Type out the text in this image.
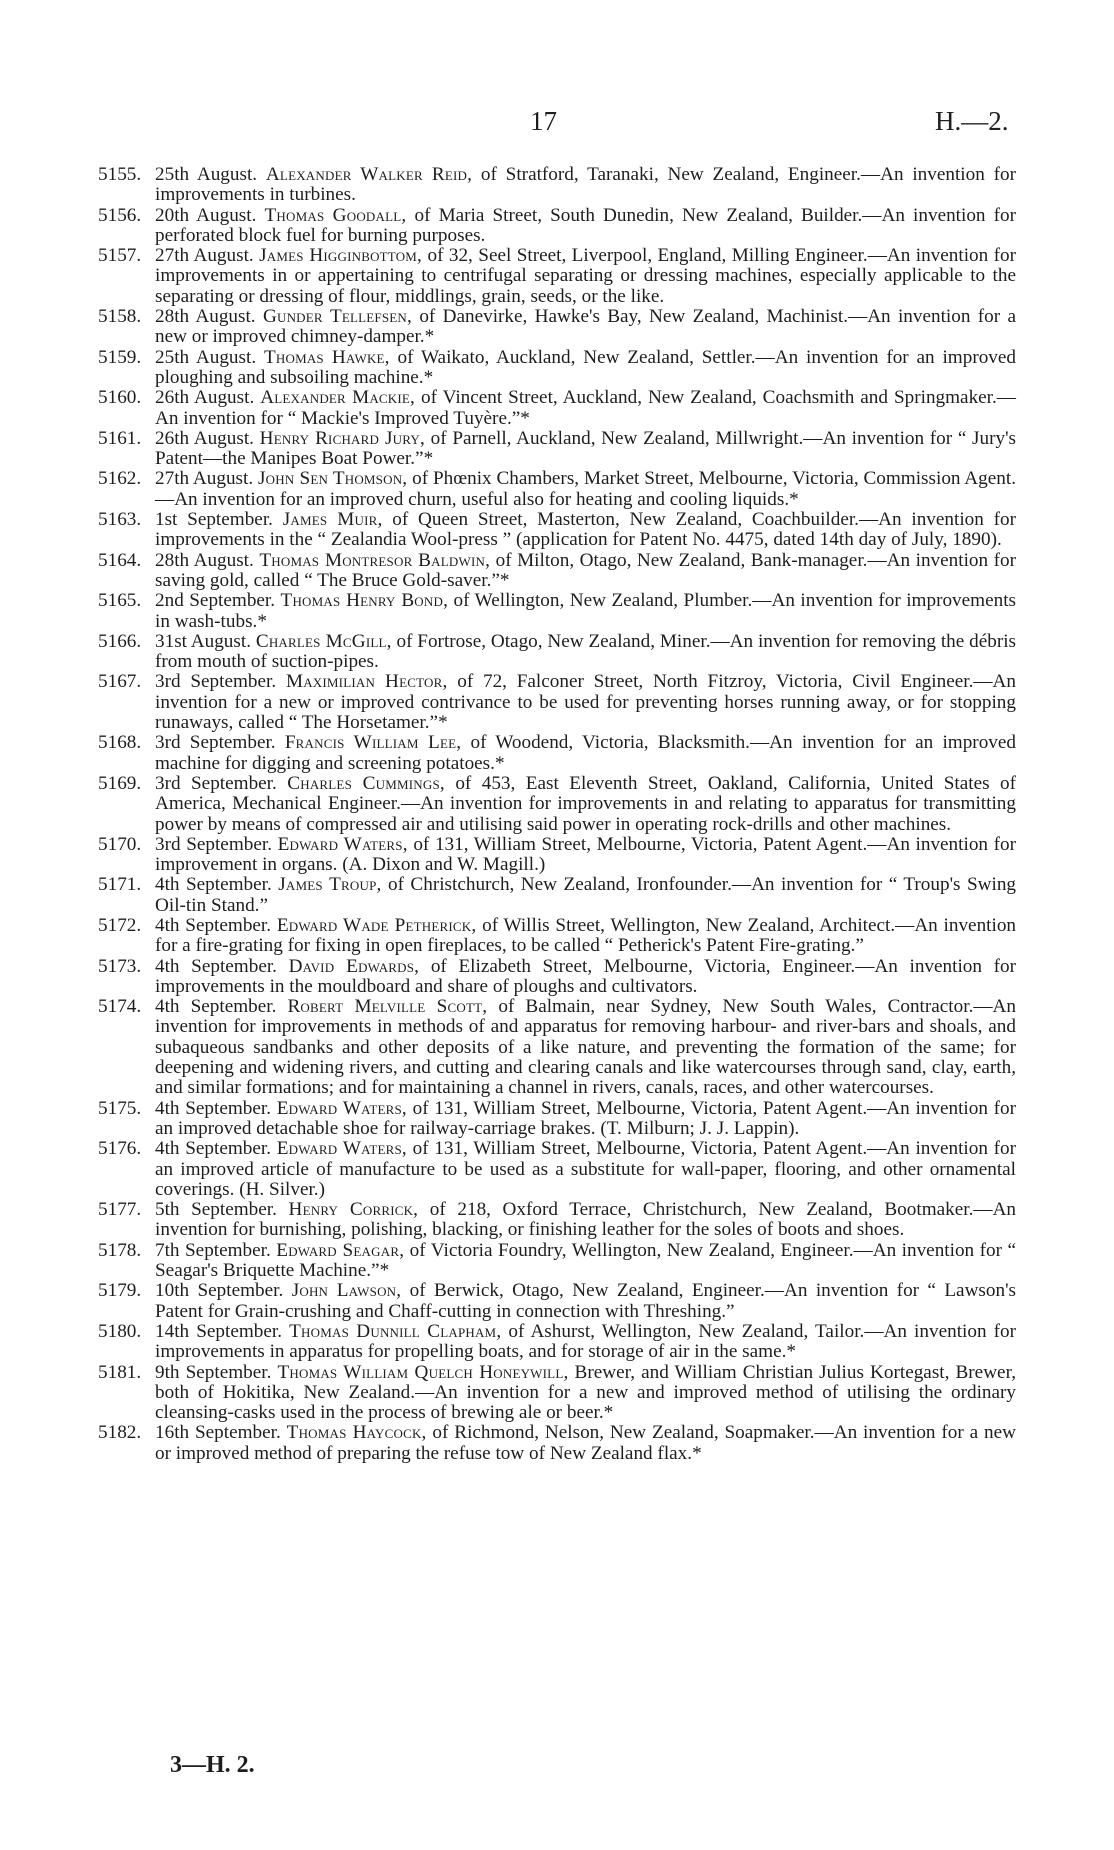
17	H.—2.

5155. 25th August. Alexander Walker Reid, of Stratford, Taranaki, New Zealand, Engineer.—An invention for improvements in turbines.

5156. 20th August. Thomas Goodall, of Maria Street, South Dunedin, New Zealand, Builder.—An invention for perforated block fuel for burning purposes.

5157. 27th August. James Higginbottom, of 32, Seel Street, Liverpool, England, Milling Engineer.—An invention for improvements in or appertaining to centrifugal separating or dressing machines, especially applicable to the separating or dressing of flour, middlings, grain, seeds, or the like.

5158. 28th August. Gunder Tellefsen, of Danevirke, Hawke's Bay, New Zealand, Machinist.—An invention for a new or improved chimney-damper.*

5159. 25th August. Thomas Hawke, of Waikato, Auckland, New Zealand, Settler.—An invention for an improved ploughing and subsoiling machine.*

5160. 26th August. Alexander Mackie, of Vincent Street, Auckland, New Zealand, Coachsmith and Springmaker.—An invention for “ Mackie's Improved Tuyère.”*

5161. 26th August. Henry Richard Jury, of Parnell, Auckland, New Zealand, Millwright.—An invention for “ Jury's Patent—the Manipes Boat Power.”*

5162. 27th August. John Sen Thomson, of Phœnix Chambers, Market Street, Melbourne, Victoria, Commission Agent.—An invention for an improved churn, useful also for heating and cooling liquids.*

5163. 1st September. James Muir, of Queen Street, Masterton, New Zealand, Coachbuilder.—An invention for improvements in the “ Zealandia Wool-press ” (application for Patent No. 4475, dated 14th day of July, 1890).

5164. 28th August. Thomas Montresor Baldwin, of Milton, Otago, New Zealand, Bank-manager.—An invention for saving gold, called “ The Bruce Gold-saver.”*

5165. 2nd September. Thomas Henry Bond, of Wellington, New Zealand, Plumber.—An invention for improvements in wash-tubs.*

5166. 31st August. Charles McGill, of Fortrose, Otago, New Zealand, Miner.—An invention for removing the débris from mouth of suction-pipes.

5167. 3rd September. Maximilian Hector, of 72, Falconer Street, North Fitzroy, Victoria, Civil Engineer.—An invention for a new or improved contrivance to be used for preventing horses running away, or for stopping runaways, called “ The Horsetamer.”*

5168. 3rd September. Francis William Lee, of Woodend, Victoria, Blacksmith.—An invention for an improved machine for digging and screening potatoes.*

5169. 3rd September. Charles Cummings, of 453, East Eleventh Street, Oakland, California, United States of America, Mechanical Engineer.—An invention for improvements in and relating to apparatus for transmitting power by means of compressed air and utilising said power in operating rock-drills and other machines.

5170. 3rd September. Edward Waters, of 131, William Street, Melbourne, Victoria, Patent Agent.—An invention for improvement in organs. (A. Dixon and W. Magill.)

5171. 4th September. James Troup, of Christchurch, New Zealand, Ironfounder.—An invention for “ Troup's Swing Oil-tin Stand.”

5172. 4th September. Edward Wade Petherick, of Willis Street, Wellington, New Zealand, Architect.—An invention for a fire-grating for fixing in open fireplaces, to be called “ Petherick's Patent Fire-grating.”

5173. 4th September. David Edwards, of Elizabeth Street, Melbourne, Victoria, Engineer.—An invention for improvements in the mouldboard and share of ploughs and cultivators.

5174. 4th September. Robert Melville Scott, of Balmain, near Sydney, New South Wales, Contractor.—An invention for improvements in methods of and apparatus for removing harbour- and river-bars and shoals, and subaqueous sandbanks and other deposits of a like nature, and preventing the formation of the same; for deepening and widening rivers, and cutting and clearing canals and like watercourses through sand, clay, earth, and similar formations; and for maintaining a channel in rivers, canals, races, and other watercourses.

5175. 4th September. Edward Waters, of 131, William Street, Melbourne, Victoria, Patent Agent.—An invention for an improved detachable shoe for railway-carriage brakes. (T. Milburn; J. J. Lappin).

5176. 4th September. Edward Waters, of 131, William Street, Melbourne, Victoria, Patent Agent.—An invention for an improved article of manufacture to be used as a substitute for wall-paper, flooring, and other ornamental coverings. (H. Silver.)

5177. 5th September. Henry Corrick, of 218, Oxford Terrace, Christchurch, New Zealand, Bootmaker.—An invention for burnishing, polishing, blacking, or finishing leather for the soles of boots and shoes.

5178. 7th September. Edward Seagar, of Victoria Foundry, Wellington, New Zealand, Engineer.—An invention for “ Seagar's Briquette Machine.”*

5179. 10th September. John Lawson, of Berwick, Otago, New Zealand, Engineer.—An invention for “ Lawson's Patent for Grain-crushing and Chaff-cutting in connection with Threshing.”

5180. 14th September. Thomas Dunnill Clapham, of Ashurst, Wellington, New Zealand, Tailor.—An invention for improvements in apparatus for propelling boats, and for storage of air in the same.*

5181. 9th September. Thomas William Quelch Honeywill, Brewer, and William Christian Julius Kortegast, Brewer, both of Hokitika, New Zealand.—An invention for a new and improved method of utilising the ordinary cleansing-casks used in the process of brewing ale or beer.*

5182. 16th September. Thomas Haycock, of Richmond, Nelson, New Zealand, Soapmaker.—An invention for a new or improved method of preparing the refuse tow of New Zealand flax.*

3—H. 2.
